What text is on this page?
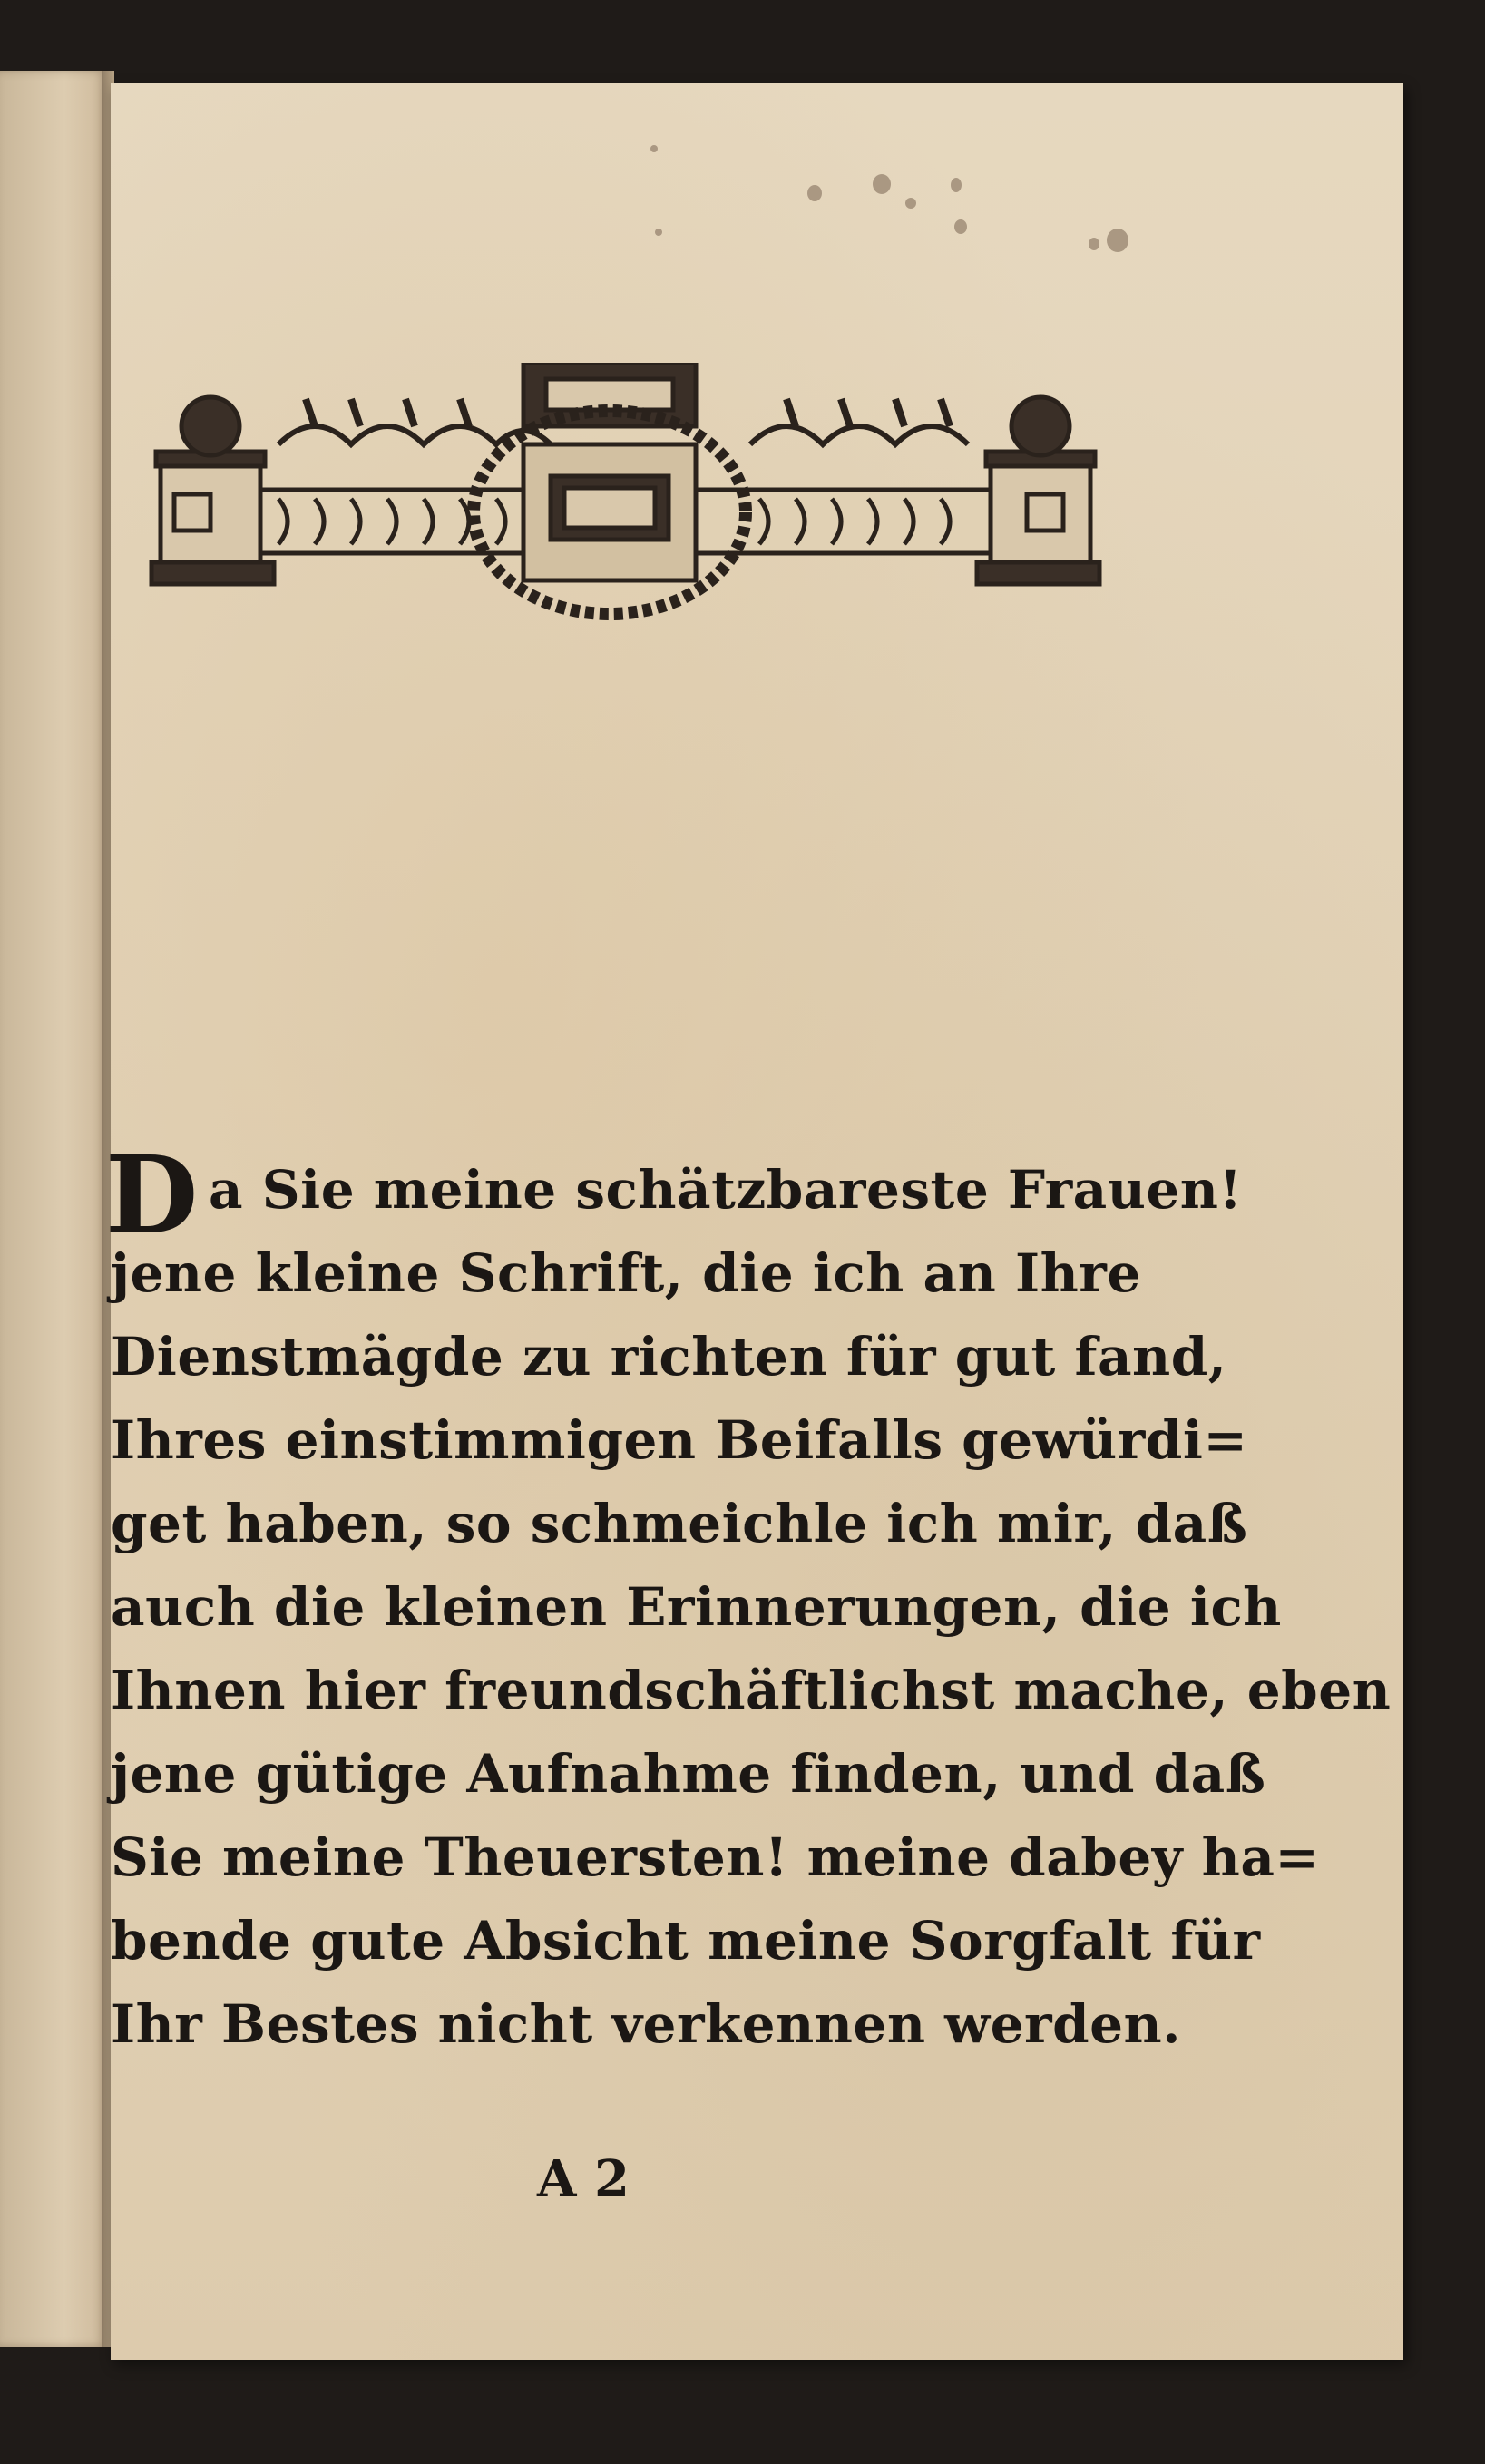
D a Sie meine schätzbareste Frauen!
jene kleine Schrift, die ich an Ihre
Dienstmägde zu richten für gut fand,
Ihres einstimmigen Beifalls gewürdi=
get haben, so schmeichle ich mir, daß
auch die kleinen Erinnerungen, die ich
Ihnen hier freundschäftlichst mache, eben
jene gütige Aufnahme finden, und daß
Sie meine Theuersten! meine dabey ha=
bende gute Absicht meine Sorgfalt für
Ihr Bestes nicht verkennen werden.
A 2
